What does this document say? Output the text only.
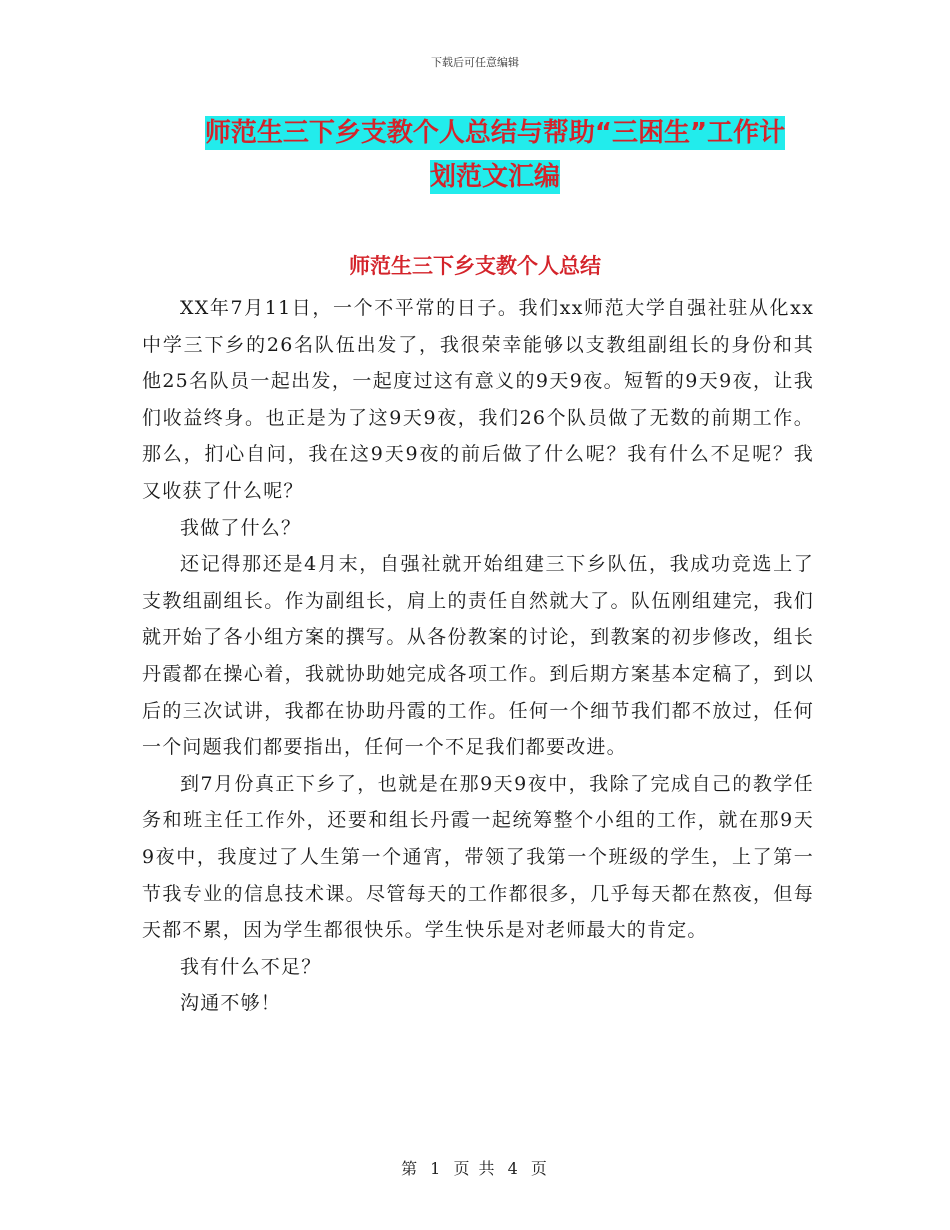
下载后可任意编辑
师范生三下乡支教个人总结与帮助“三困生”工作计
划范文汇编
师范生三下乡支教个人总结

XX年7月11日，一个不平常的日子。我们xx师范大学自强社驻从化xx中学三下乡的26名队伍出发了，我很荣幸能够以支教组副组长的身份和其他25名队员一起出发，一起度过这有意义的9天9夜。短暂的9天9夜，让我们收益终身。也正是为了这9天9夜，我们26个队员做了无数的前期工作。那么，扪心自问，我在这9天9夜的前后做了什么呢？我有什么不足呢？我又收获了什么呢？

我做了什么？

还记得那还是4月末，自强社就开始组建三下乡队伍，我成功竞选上了支教组副组长。作为副组长，肩上的责任自然就大了。队伍刚组建完，我们就开始了各小组方案的撰写。从各份教案的讨论，到教案的初步修改，组长丹霞都在操心着，我就协助她完成各项工作。到后期方案基本定稿了，到以后的三次试讲，我都在协助丹霞的工作。任何一个细节我们都不放过，任何一个问题我们都要指出，任何一个不足我们都要改进。

到7月份真正下乡了，也就是在那9天9夜中，我除了完成自己的教学任务和班主任工作外，还要和组长丹霞一起统筹整个小组的工作，就在那9天9夜中，我度过了人生第一个通宵，带领了我第一个班级的学生，上了第一节我专业的信息技术课。尽管每天的工作都很多，几乎每天都在熬夜，但每天都不累，因为学生都很快乐。学生快乐是对老师最大的肯定。

我有什么不足？

沟通不够！

第 1 页 共 4 页
